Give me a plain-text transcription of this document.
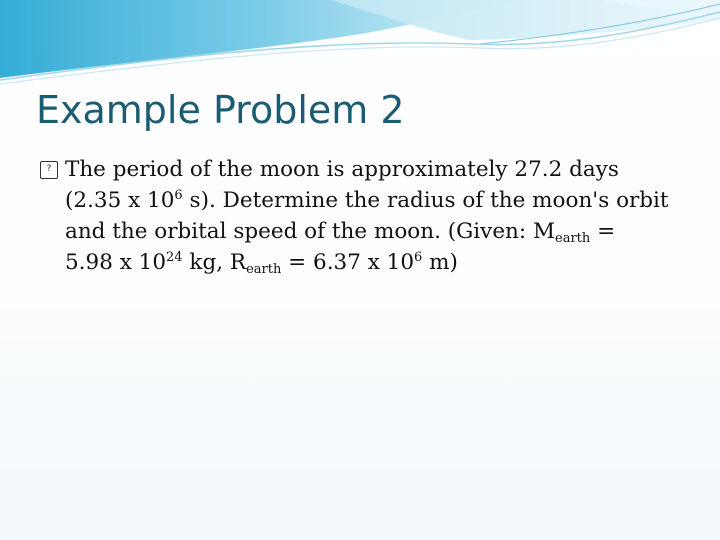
Example Problem 2
? The period of the moon is approximately 27.2 days
(2.35 x $10^6$ s). Determine the radius of the moon's orbit
and the orbital speed of the moon. (Given: $M_{earth}$ =
5.98 x $10^{24}$ kg, $R_{earth} = 6.37$ x $10^6$ m)
